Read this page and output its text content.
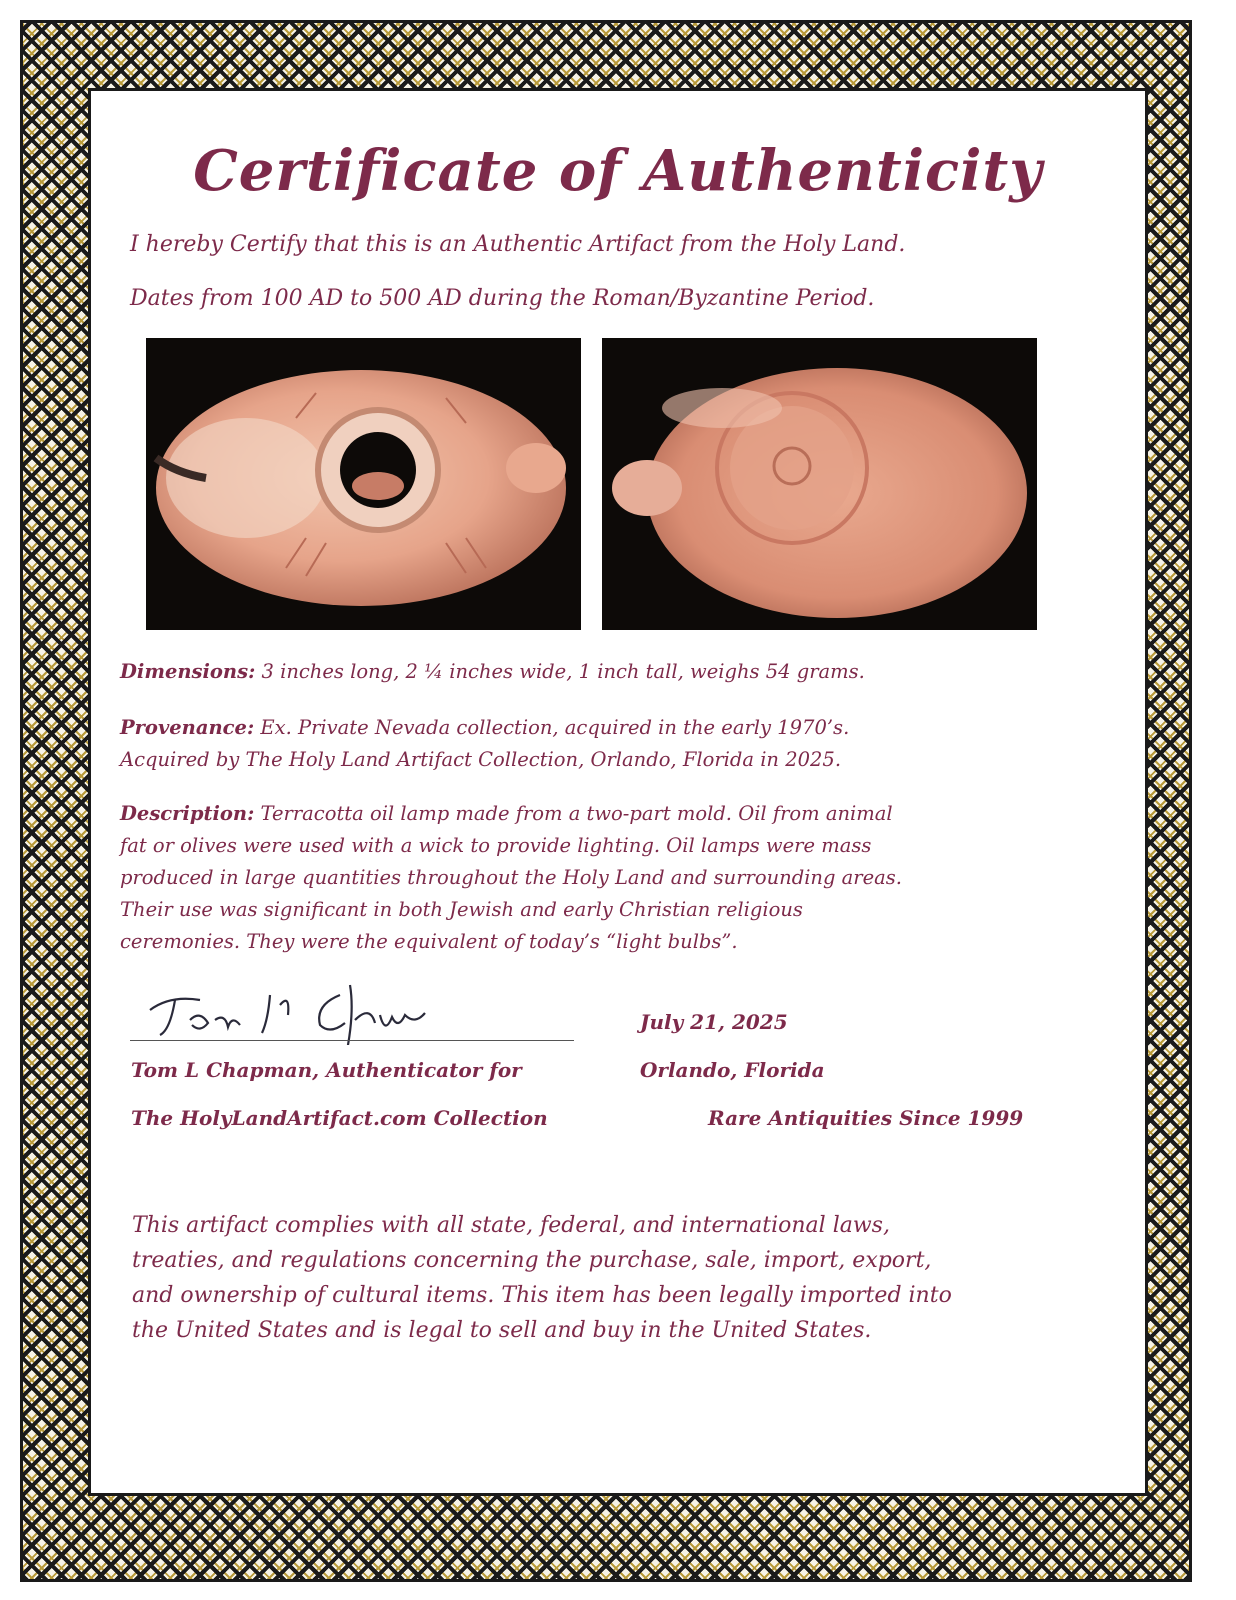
Certificate of Authenticity
I hereby Certify that this is an Authentic Artifact from the Holy Land.
Dates from 100 AD to 500 AD during the Roman/Byzantine Period.
Dimensions: 3 inches long, 2 ¼ inches wide, 1 inch tall, weighs 54 grams.
Provenance: Ex. Private Nevada collection, acquired in the early 1970’s.
Acquired by The Holy Land Artifact Collection, Orlando, Florida in 2025.
Description: Terracotta oil lamp made from a two-part mold. Oil from animal
fat or olives were used with a wick to provide lighting. Oil lamps were mass
produced in large quantities throughout the Holy Land and surrounding areas.
Their use was significant in both Jewish and early Christian religious
ceremonies. They were the equivalent of today’s “light bulbs”.
Tom L Chapman, Authenticator for
The HolyLandArtifact.com Collection
July 21, 2025
Orlando, Florida
Rare Antiquities Since 1999
This artifact complies with all state, federal, and international laws,
treaties, and regulations concerning the purchase, sale, import, export,
and ownership of cultural items. This item has been legally imported into
the United States and is legal to sell and buy in the United States.
